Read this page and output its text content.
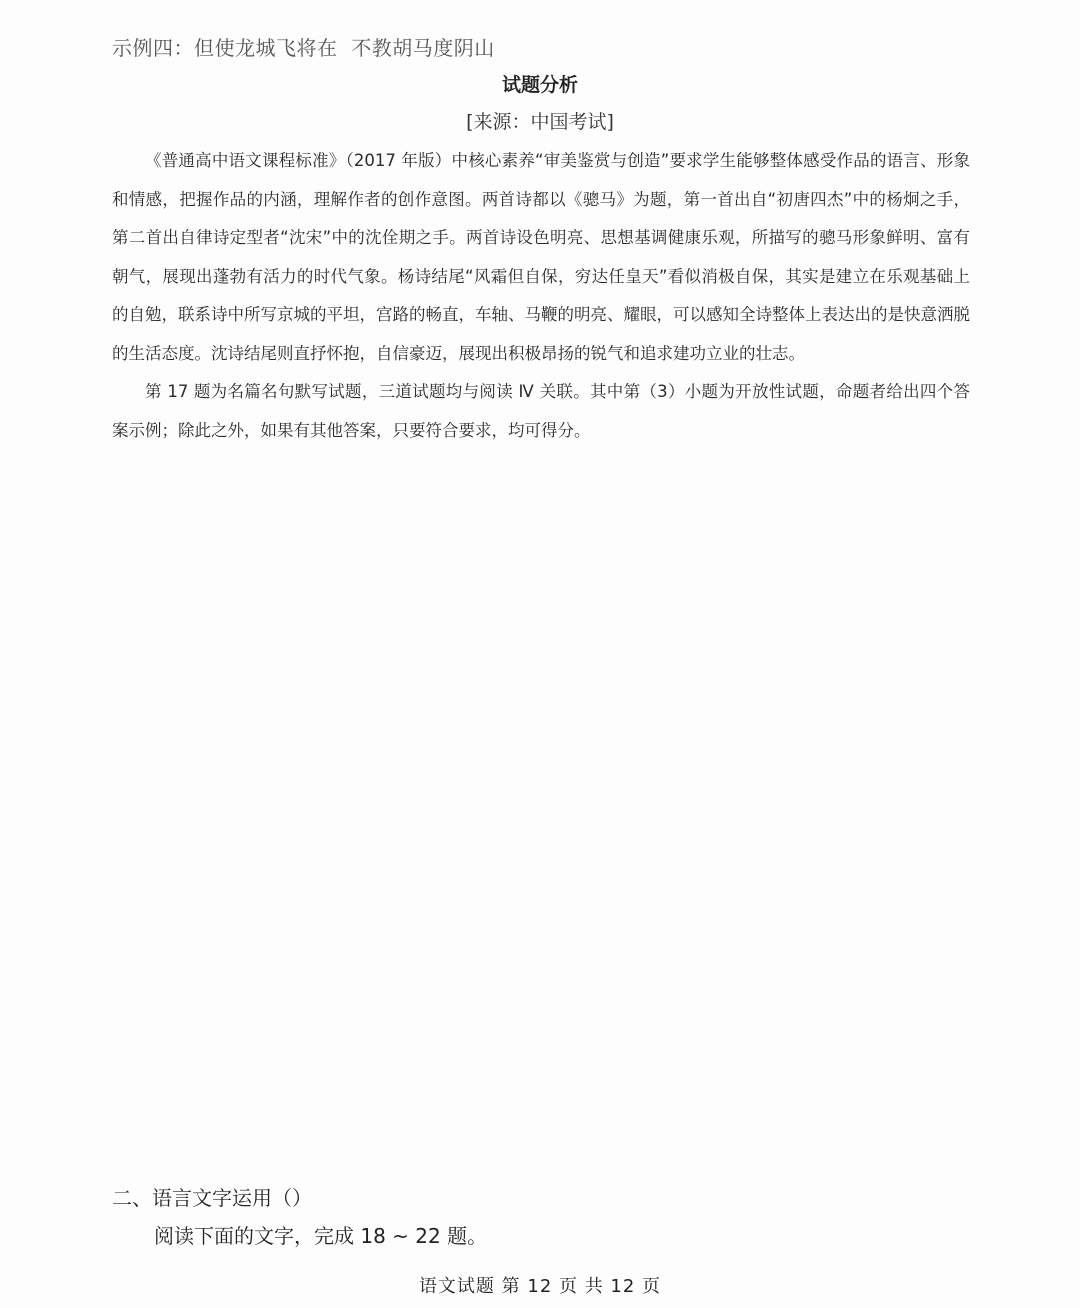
示例四：但使龙城飞将在  不教胡马度阴山
试题分析
[来源：中国考试]

《普通高中语文课程标准》（2017 年版）中核心素养“审美鉴赏与创造”要求学生能够整体感受作品的语言、形象和情感，把握作品的内涵，理解作者的创作意图。两首诗都以《骢马》为题，第一首出自“初唐四杰”中的杨炯之手，第二首出自律诗定型者“沈宋”中的沈佺期之手。两首诗设色明亮、思想基调健康乐观，所描写的骢马形象鲜明、富有朝气，展现出蓬勃有活力的时代气象。杨诗结尾“风霜但自保，穷达任皇天”看似消极自保，其实是建立在乐观基础上的自勉，联系诗中所写京城的平坦，宫路的畅直，车轴、马鞭的明亮、耀眼，可以感知全诗整体上表达出的是快意洒脱的生活态度。沈诗结尾则直抒怀抱，自信豪迈，展现出积极昂扬的锐气和追求建功立业的壮志。

第 17 题为名篇名句默写试题，三道试题均与阅读 Ⅳ 关联。其中第（3）小题为开放性试题，命题者给出四个答案示例；除此之外，如果有其他答案，只要符合要求，均可得分。

二、语言文字运用（）
阅读下面的文字，完成 18 ~ 22 题。
语文试题 第 12 页 共 12 页
